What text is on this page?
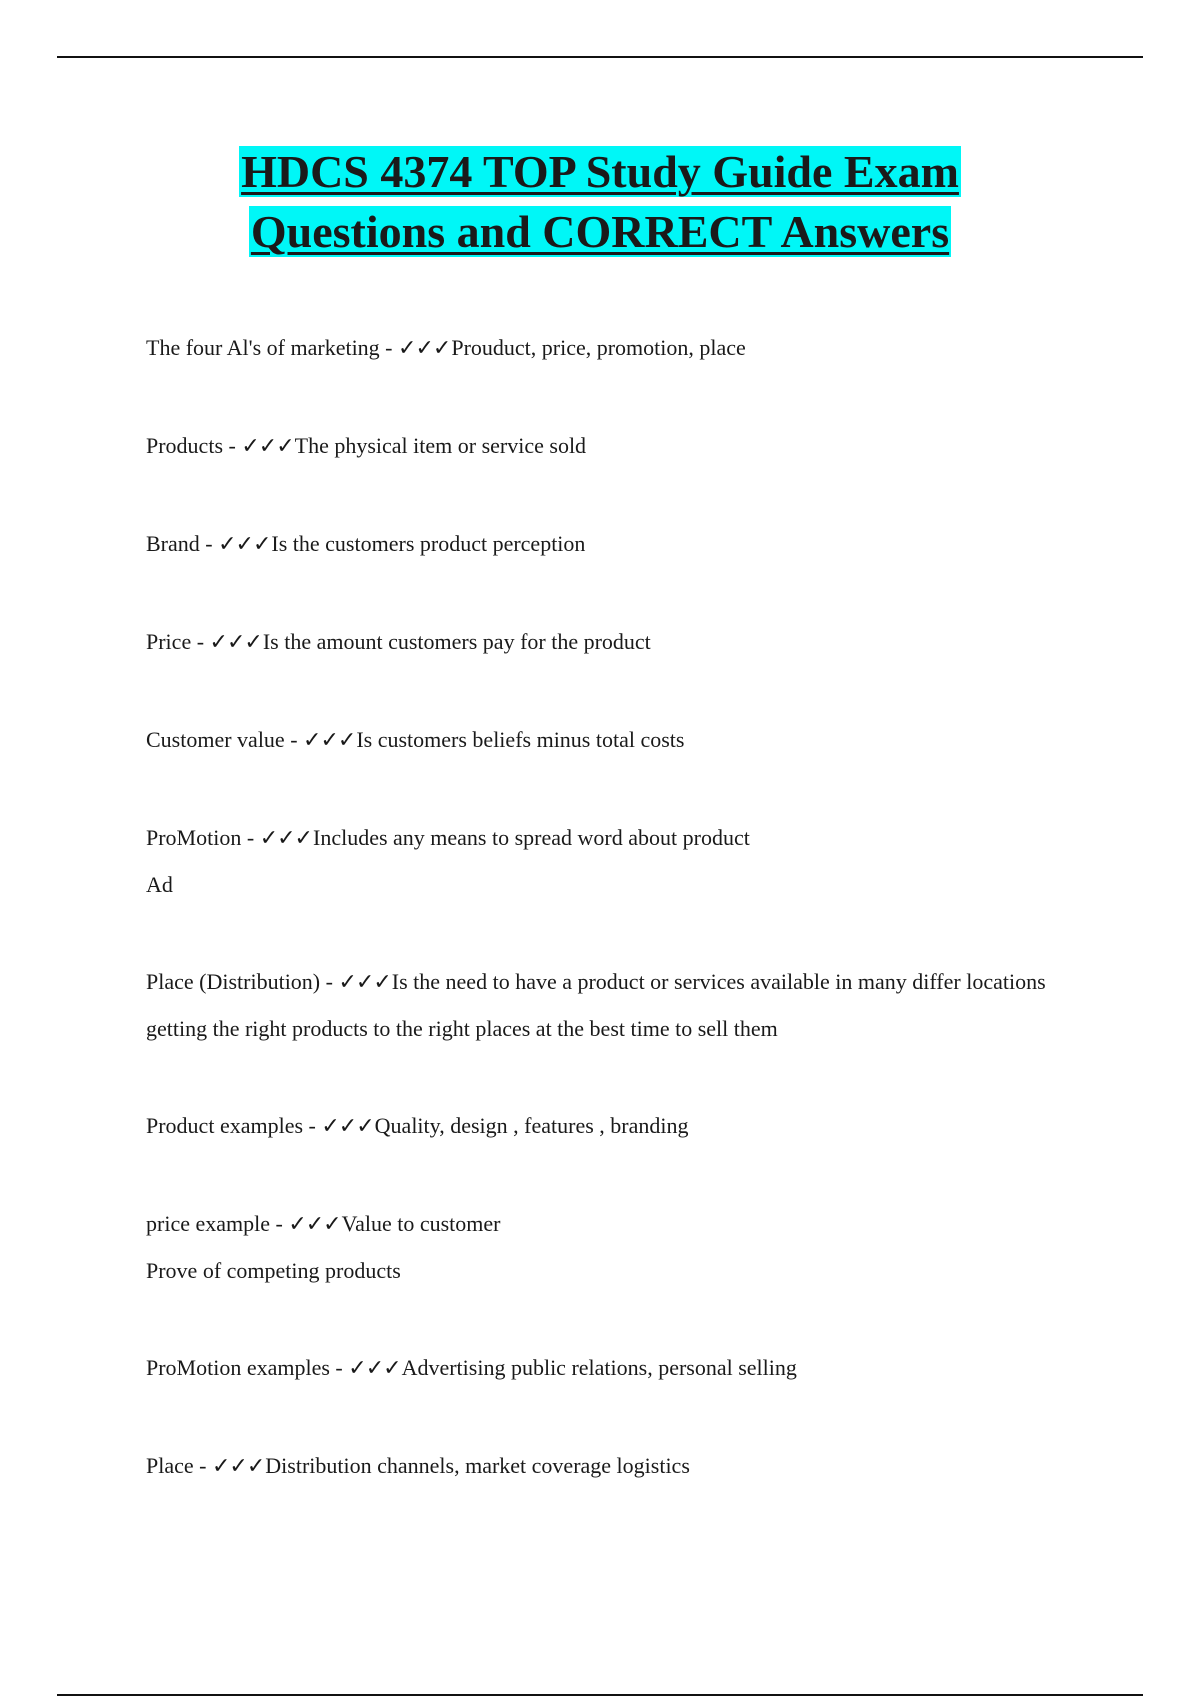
HDCS 4374 TOP Study Guide Exam
Questions and CORRECT Answers

The four Al's of marketing - ✓✓✓Prouduct, price, promotion, place

Products - ✓✓✓The physical item or service sold

Brand - ✓✓✓Is the customers product perception

Price - ✓✓✓Is the amount customers pay for the product

Customer value - ✓✓✓Is customers beliefs minus total costs

ProMotion - ✓✓✓Includes any means to spread word about product

Ad

Place (Distribution) - ✓✓✓Is the need to have a product or services available in many differ locations

getting the right products to the right places at the best time to sell them

Product examples - ✓✓✓Quality, design , features , branding

price example - ✓✓✓Value to customer

Prove of competing products

ProMotion examples - ✓✓✓Advertising public relations, personal selling

Place - ✓✓✓Distribution channels, market coverage logistics
